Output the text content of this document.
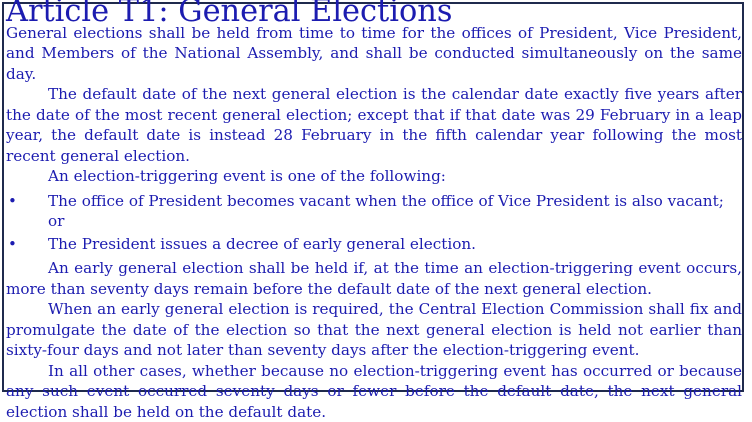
Article T1: General Elections

General elections shall be held from time to time for the offices of President, Vice President, and Members of the National Assembly, and shall be conducted simultaneously on the same day.

The default date of the next general election is the calendar date exactly five years after the date of the most recent general election; except that if that date was 29 February in a leap year, the default date is instead 28 February in the fifth calendar year following the most recent general election.

An election-triggering event is one of the following:

• The office of President becomes vacant when the office of Vice President is also vacant; or
• The President issues a decree of early general election.

An early general election shall be held if, at the time an election-triggering event occurs, more than seventy days remain before the default date of the next general election.

When an early general election is required, the Central Election Commission shall fix and promulgate the date of the election so that the next general election is held not earlier than sixty-four days and not later than seventy days after the election-triggering event.

In all other cases, whether because no election-triggering event has occurred or because any such event occurred seventy days or fewer before the default date, the next general election shall be held on the default date.
